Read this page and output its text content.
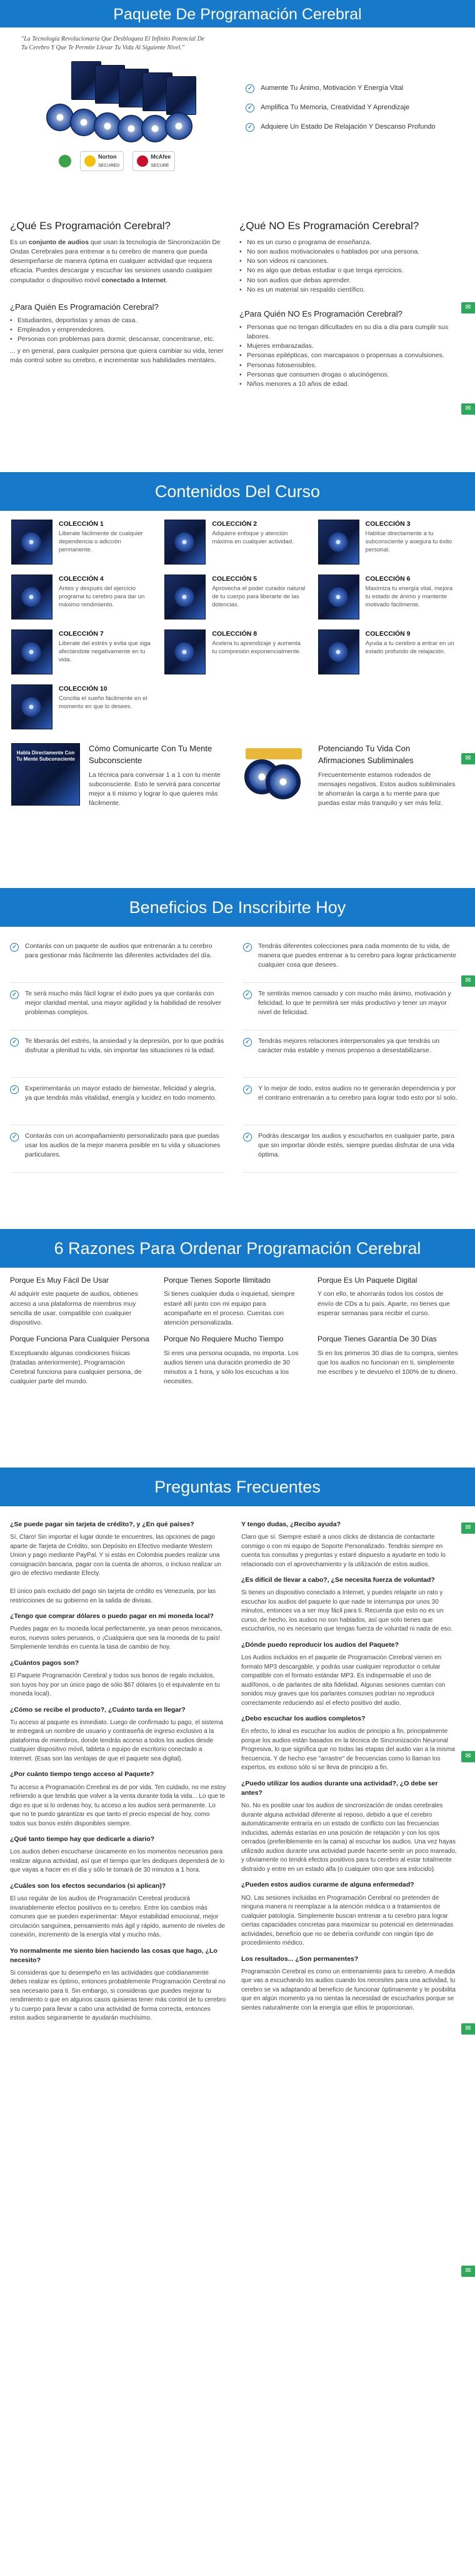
Paquete De Programación Cerebral

"La Tecnología Revolucionaria Que Desbloquea El Infinito Potencial De Tu Cerebro Y Que Te Permite Llevar Tu Vida Al Siguiente Nivel."

Norton
SECURED
McAfee
SECURE
✓ Aumente Tu Ánimo, Motivación Y Energía Vital
✓ Amplifica Tu Memoria, Creatividad Y Aprendizaje
✓ Adquiere Un Estado De Relajación Y Descanso Profundo
¿Qué Es Programación Cerebral?

Es un conjunto de audios que usan la tecnología de Sincronización De Ondas Cerebrales para entrenar a tu cerebro de manera que pueda desempeñarse de manera óptima en cualquier actividad que requiera eficacia. Puedes descargar y escuchar las sesiones usando cualquier computador o dispositivo móvil conectado a Internet.

¿Para Quién Es Programación Cerebral?
• Estudiantes, deportistas y amas de casa.
• Empleados y emprendedores.
• Personas con problemas para dormir, descansar, concentrarse, etc.

... y en general, para cualquier persona que quiera cambiar su vida, tener más control sobre su cerebro, e incrementar sus habilidades mentales.

¿Qué NO Es Programación Cerebral?
• No es un curso o programa de enseñanza.
• No son audios motivacionales o hablados por una persona.
• No son videos ni canciones.
• No es algo que debas estudiar o que tenga ejercicios.
• No son audios que debas aprender.
• No es un material sin respaldo científico.
¿Para Quién NO Es Programación Cerebral?
• Personas que no tengan dificultades en su día a día para cumplir sus labores.
• Mujeres embarazadas.
• Personas epilépticas, con marcapasos o propensas a convulsiones.
• Personas fotosensibles.
• Personas que consumen drogas o alucinógenos.
• Niños menores a 10 años de edad.
✉
✉
Contenidos Del Curso
COLECCIÓN 1
Liberate fácilmente de cualquier dependencia o adicción permanente.
COLECCIÓN 2
Adquiere enfoque y atención máxima en cualquier actividad.
COLECCIÓN 3
Habitúe directamente a tu subconsciente y asegura tu éxito personal.
COLECCIÓN 4
Antes y después del ejercicio programa tu cerebro para dar un máximo rendimiento.
COLECCIÓN 5
Aprovecha el poder curador natural de tu cuerpo para liberarte de las dolencias.
COLECCIÓN 6
Maximiza tu energía vital, mejora tu estado de ánimo y mantente motivado fácilmente.
COLECCIÓN 7
Liberate del estrés y evita que siga afectándote negativamente en tu vida.
COLECCIÓN 8
Acelera tu aprendizaje y aumenta tu compresión exponencialmente.
COLECCIÓN 9
Ayuda a tu cerebro a entrar en un estado profundo de relajación.
COLECCIÓN 10
Concilia el sueño fácilmente en el momento en que lo desees.
Habla Directamente Con Tu Mente Subconsciente
Cómo Comunicarte Con Tu Mente Subconsciente
La técnica para conversar 1 a 1 con tu mente subconsciente. Esto te servirá para concertar mejor a ti mismo y lograr lo que quieres más fácilmente.
Potenciando Tu Vida Con Afirmaciones Subliminales
Frecuentemente estamos rodeados de mensajes negativos. Estos audios subliminales te ahorrarán la carga a tu mente para que puedas estar más tranquilo y ser más feliz.
✉
Beneficios De Inscribirte Hoy
✓	Contarás con un paquete de audios que entrenarán a tu cerebro para gestionar más fácilmente las diferentes actividades del día.
✓	Tendrás diferentes colecciones para cada momento de tu vida, de manera que puedes entrenar a tu cerebro para lograr prácticamente cualquier cosa que desees.
✓	Te será mucho más fácil lograr el éxito pues ya que contarás con mejor claridad mental, una mayor agilidad y la habilidad de resolver problemas complejos.
✓	Te sentirás menos cansado y con mucho más ánimo, motivación y felicidad, lo que te permitirá ser más productivo y tener un mayor nivel de felicidad.
✓	Te liberarás del estrés, la ansiedad y la depresión, por lo que podrás disfrutar a plenitud tu vida, sin importar las situaciones ni la edad.
✓	Tendrás mejores relaciones interpersonales ya que tendrás un carácter más estable y menos propenso a desestabilizarse.
✓	Experimentarás un mayor estado de bienestar, felicidad y alegría, ya que tendrás más vitalidad, energía y lucidez en todo momento.
✓	Y lo mejor de todo, estos audios no te generarán dependencia y por el contrario entrenarán a tu cerebro para lograr todo esto por sí solo.
✓	Contarás con un acompañamiento personalizado para que puedas usar los audios de la mejor manera posible en tu vida y situaciones particulares.
✓	Podrás descargar los audios y escucharlos en cualquier parte, para que sin importar dónde estés, siempre puedas disfrutar de una vida óptima.
✉
6 Razones Para Ordenar Programación Cerebral
Porque Es Muy Fácil De Usar
Al adquirir este paquete de audios, obtienes acceso a una plataforma de miembros muy sencilla de usar, compatible con cualquier dispositivo.
Porque Tienes Soporte Ilimitado
Si tienes cualquier duda o inquietud, siempre estaré allí junto con mi equipo para acompañarte en el proceso. Cuentas con atención personalizada.
Porque Es Un Paquete Digital
Y con ello, te ahorrarás todos los costos de envío de CDs a tu país. Aparte, no tienes que esperar semanas para recibir el curso.
Porque Funciona Para Cualquier Persona
Exceptuando algunas condiciones físicas (tratadas anteriormente), Programación Cerebral funciona para cualquier persona, de cualquier parte del mundo.
Porque No Requiere Mucho Tiempo
Si eres una persona ocupada, no importa. Los audios tienen una duración promedio de 30 minutos a 1 hora, y sólo los escuchas a los necesites.
Porque Tienes Garantía De 30 Días
Si en los primeros 30 días de tu compra, sientes que los audios no funcionan en ti, simplemente me escribes y te devuelvo el 100% de tu dinero.
Preguntas Frecuentes
¿Se puede pagar sin tarjeta de crédito?, y ¿En qué países?
Sí, Claro! Sin importar el lugar donde te encuentres, las opciones de pago aparte de Tarjeta de Crédito, son Depósito en Efectivo mediante Western Union y pago mediante PayPal. Y si estás en Colombia puedes realizar una consignación bancaria, pagar con la cuenta de ahorros, o incluso realizar un giro de efectivo mediante Efecty.

El único país excluido del pago sin tarjeta de crédito es Venezuela, por las restricciones de su gobierno en la salida de divisas.
¿Tengo que comprar dólares o puedo pagar en mi moneda local?
Puedes pagar en tu moneda local perfectamente, ya sean pesos mexicanos, euros, nuevos soles peruanos, o ¡Cualquiera que sea la moneda de tu país! Simplemente tendrás en cuenta la tasa de cambio de hoy.
¿Cuántos pagos son?
El Paquete Programación Cerebral y todos sus bonos de regalo incluidos, son tuyos hoy por un único pago de sólo $67 dólares (o el equivalente en tu moneda local).
¿Cómo se recibe el producto?, ¿Cuánto tarda en llegar?
Tu acceso al paquete es inmediato. Luego de confirmado tu pago, el sistema te entregará un nombre de usuario y contraseña de ingreso exclusivo a la plataforma de miembros, donde tendrás acceso a todos los audios desde cualquier dispositivo móvil, tableta o equipo de escritorio conectado a Internet. (Esas son las ventajas de que el paquete sea digital).
¿Por cuánto tiempo tengo acceso al Paquete?
Tu acceso a Programación Cerebral es de por vida. Ten cuidado, no me estoy refiriendo a que tendrás que volver a la venta durante toda la vida... Lo que te digo es que si lo ordenas hoy, tu acceso a los audios será permanente. Lo que no te puedo garantizar es que tanto el precio especial de hoy, como todos sus bonos estén disponibles siempre.
¿Qué tanto tiempo hay que dedicarle a diario?
Los audios deben escucharse únicamente en los momentos necesarios para realizar alguna actividad, así que el tiempo que les dediques dependerá de lo que vayas a hacer en el día y sólo te tomará de 30 minutos a 1 hora.
¿Cuáles son los efectos secundarios (si aplican)?
El uso regular de los audios de Programación Cerebral producirá invariablemente efectos positivos en tu cerebro. Entre los cambios más comunes que se pueden experimentar: Mayor estabilidad emocional, mejor circulación sanguínea, pensamiento más ágil y rápido, aumento de niveles de conexión, incremento de la energía vital y mucho más.
Yo normalmente me siento bien haciendo las cosas que hago, ¿Lo necesito?
Si consideras que tu desempeño en las actividades que cotidianamente debes realizar es óptimo, entonces probablemente Programación Cerebral no sea necesario para ti. Sin embargo, si consideras que puedes mejorar tu rendimiento o que en algunos casos quisieras tener más control de tu cerebro y tu cuerpo para llevar a cabo una actividad de forma correcta, entonces estos audios seguramente te ayudarán muchísimo.
Y tengo dudas, ¿Recibo ayuda?
Claro que sí. Siempre estaré a unos clicks de distancia de contactarte conmigo o con mi equipo de Soporte Personalizado. Tendrás siempre en cuenta tus consultas y preguntas y estaré dispuesto a ayudarte en todo lo relacionado con el aprovechamiento y la utilización de estos audios.
¿Es difícil de llevar a cabo?, ¿Se necesita fuerza de voluntad?
Si tienes un dispositivo conectado a Internet, y puedes relajarte un rato y escuchar los audios del paquete lo que nade te interrumpa por unos 30 minutos, entonces va a ser muy fácil para ti. Recuerda que esto no es un curso, de hecho, los audios no son hablados, así que solo tienes que escucharlos, no es necesario que tengas fuerza de voluntad ni nada de eso.
¿Dónde puedo reproducir los audios del Paquete?
Los Audios incluidos en el paquete de Programación Cerebral vienen en formato MP3 descargable, y podrás usar cualquier reproductor o celular compatible con el formato estándar MP3. Es indispensable el uso de audífonos, o de parlantes de alta fidelidad. Algunas sesiones cuentan con sonidos muy graves que los parlantes comunes podrían no reproducir correctamente reduciendo así el efecto positivo del audio.
¿Debo escuchar los audios completos?
En efecto, lo ideal es escuchar los audios de principio a fin, principalmente porque los audios están basados en la técnica de Sincronización Neuronal Progresiva, lo que significa que no todas las etapas del audio van a la misma frecuencia. Y de hecho ese "arrastre" de frecuencias como lo llaman los expertos, es exitoso sólo si se lleva de principio a fin.
¿Puedo utilizar los audios durante una actividad?, ¿O debe ser antes?
No. No es posible usar los audios de sincronización de ondas cerebrales durante alguna actividad diferente al reposo, debido a que el cerebro automáticamente entraría en un estado de conflicto con las frecuencias inducidas, además estarías en una posición de relajación y con los ojos cerrados (preferiblemente en la cama) al escuchar los audios. Una vez hayas utilizado audios durante una actividad puede hacerte sentir un poco mareado, y obviamente no tendrá efectos positivos para tu cerebro al estar totalmente distraído y entre en un estado alfa (o cualquier otro que sea inducido).
¿Pueden estos audios curarme de alguna enfermedad?
NO. Las sesiones incluidas en Programación Cerebral no pretenden de ninguna manera ni reemplazar a la atención médica o a tratamientos de cualquier patología. Simplemente buscan entrenar a tu cerebro para lograr ciertas capacidades concretas para maximizar su potencial en determinadas actividades, beneficio que no se debería confundir con ningún tipo de procedimiento médico.
Los resultados... ¿Son permanentes?
Programación Cerebral es como un entrenamiento para tu cerebro. A medida que vas a escuchando los audios cuando los necesites para una actividad, tu cerebro se va adaptando al beneficio de funcionar óptimamente y te posibilita que en algún momento ya no sientas la necesidad de escucharlos porque se sientes naturalmente con la energía que ellos te proporcionan.
✉
✉
✉
✉
